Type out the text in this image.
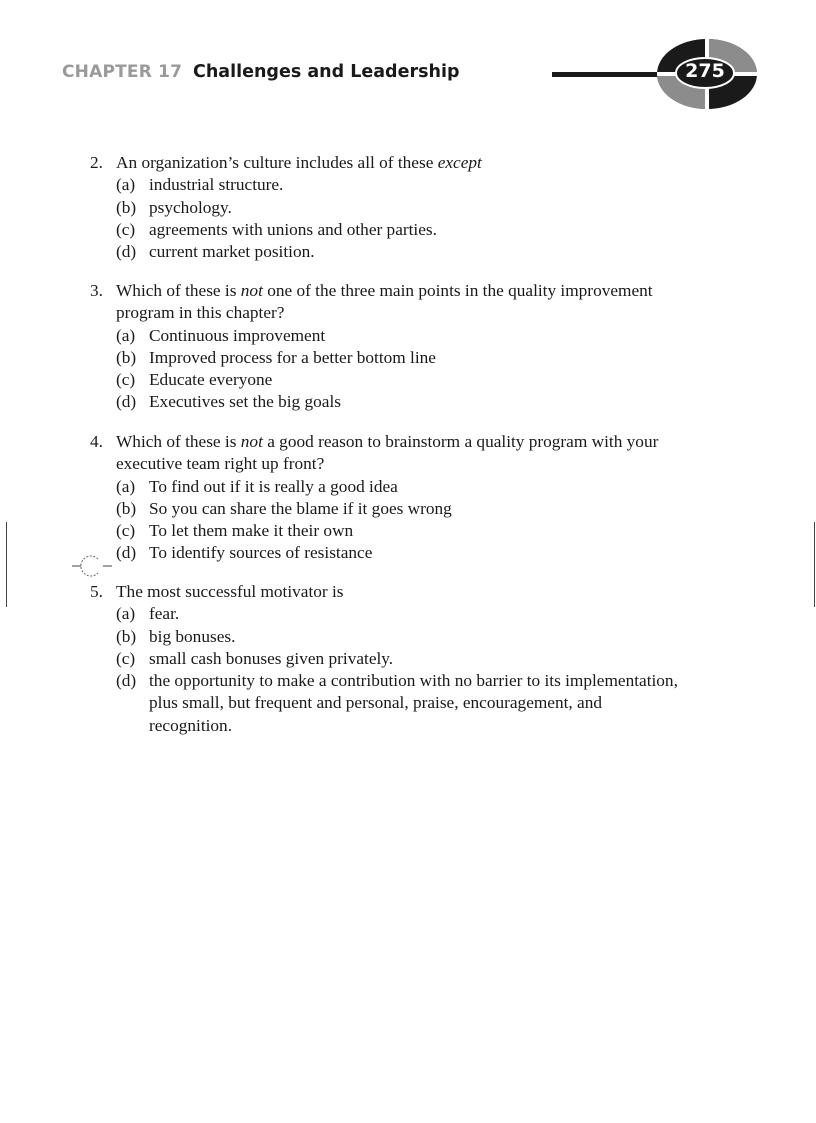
CHAPTER 17 Challenges and Leadership	275
2. An organization’s culture includes all of these except
(a) industrial structure.
(b) psychology.
(c) agreements with unions and other parties.
(d) current market position.
3. Which of these is not one of the three main points in the quality improvement program in this chapter?
(a) Continuous improvement
(b) Improved process for a better bottom line
(c) Educate everyone
(d) Executives set the big goals
4. Which of these is not a good reason to brainstorm a quality program with your executive team right up front?
(a) To find out if it is really a good idea
(b) So you can share the blame if it goes wrong
(c) To let them make it their own
(d) To identify sources of resistance
5. The most successful motivator is
(a) fear.
(b) big bonuses.
(c) small cash bonuses given privately.
(d) the opportunity to make a contribution with no barrier to its implementation, plus small, but frequent and personal, praise, encouragement, and recognition.
